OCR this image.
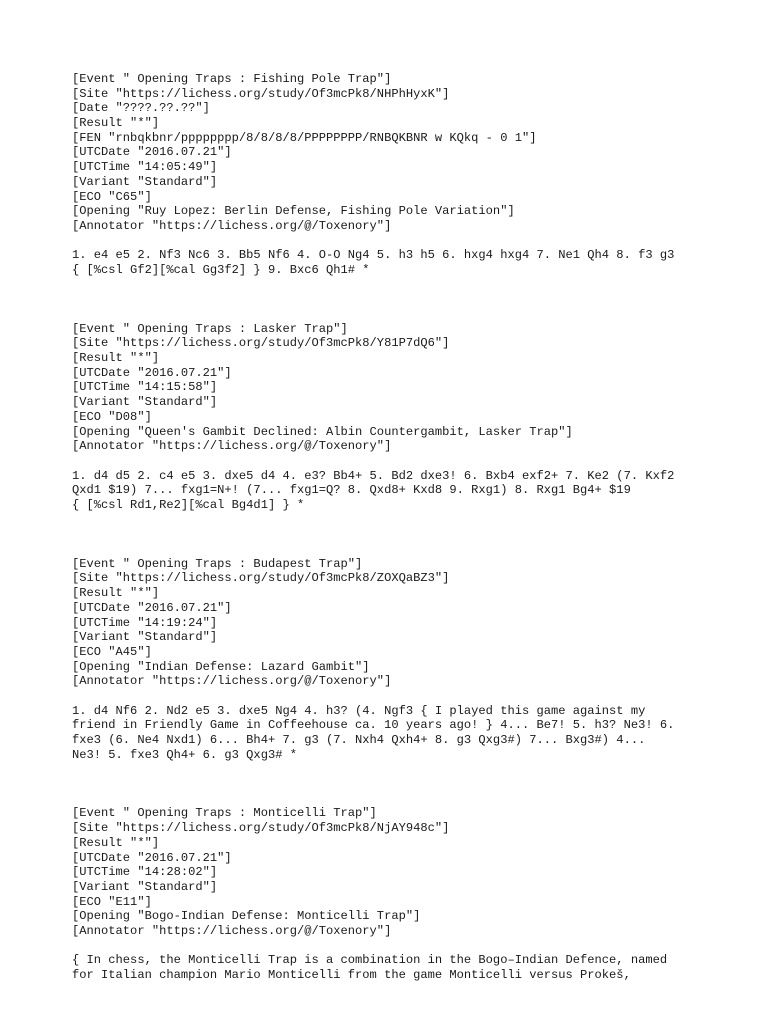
[Event " Opening Traps : Fishing Pole Trap"]
[Site "https://lichess.org/study/Of3mcPk8/NHPhHyxK"]
[Date "????.??.??"]
[Result "*"]
[FEN "rnbqkbnr/pppppppp/8/8/8/8/PPPPPPPP/RNBQKBNR w KQkq - 0 1"]
[UTCDate "2016.07.21"]
[UTCTime "14:05:49"]
[Variant "Standard"]
[ECO "C65"]
[Opening "Ruy Lopez: Berlin Defense, Fishing Pole Variation"]
[Annotator "https://lichess.org/@/Toxenory"]
1. e4 e5 2. Nf3 Nc6 3. Bb5 Nf6 4. O-O Ng4 5. h3 h5 6. hxg4 hxg4 7. Ne1 Qh4 8. f3 g3
{ [%csl Gf2][%cal Gg3f2] } 9. Bxc6 Qh1# *
[Event " Opening Traps : Lasker Trap"]
[Site "https://lichess.org/study/Of3mcPk8/Y81P7dQ6"]
[Result "*"]
[UTCDate "2016.07.21"]
[UTCTime "14:15:58"]
[Variant "Standard"]
[ECO "D08"]
[Opening "Queen's Gambit Declined: Albin Countergambit, Lasker Trap"]
[Annotator "https://lichess.org/@/Toxenory"]
1. d4 d5 2. c4 e5 3. dxe5 d4 4. e3? Bb4+ 5. Bd2 dxe3! 6. Bxb4 exf2+ 7. Ke2 (7. Kxf2
Qxd1 $19) 7... fxg1=N+! (7... fxg1=Q? 8. Qxd8+ Kxd8 9. Rxg1) 8. Rxg1 Bg4+ $19
{ [%csl Rd1,Re2][%cal Bg4d1] } *
[Event " Opening Traps : Budapest Trap"]
[Site "https://lichess.org/study/Of3mcPk8/ZOXQaBZ3"]
[Result "*"]
[UTCDate "2016.07.21"]
[UTCTime "14:19:24"]
[Variant "Standard"]
[ECO "A45"]
[Opening "Indian Defense: Lazard Gambit"]
[Annotator "https://lichess.org/@/Toxenory"]
1. d4 Nf6 2. Nd2 e5 3. dxe5 Ng4 4. h3? (4. Ngf3 { I played this game against my
friend in Friendly Game in Coffeehouse ca. 10 years ago! } 4... Be7! 5. h3? Ne3! 6.
fxe3 (6. Ne4 Nxd1) 6... Bh4+ 7. g3 (7. Nxh4 Qxh4+ 8. g3 Qxg3#) 7... Bxg3#) 4...
Ne3! 5. fxe3 Qh4+ 6. g3 Qxg3# *
[Event " Opening Traps : Monticelli Trap"]
[Site "https://lichess.org/study/Of3mcPk8/NjAY948c"]
[Result "*"]
[UTCDate "2016.07.21"]
[UTCTime "14:28:02"]
[Variant "Standard"]
[ECO "E11"]
[Opening "Bogo-Indian Defense: Monticelli Trap"]
[Annotator "https://lichess.org/@/Toxenory"]
{ In chess, the Monticelli Trap is a combination in the Bogo–Indian Defence, named
for Italian champion Mario Monticelli from the game Monticelli versus Prokeš,
